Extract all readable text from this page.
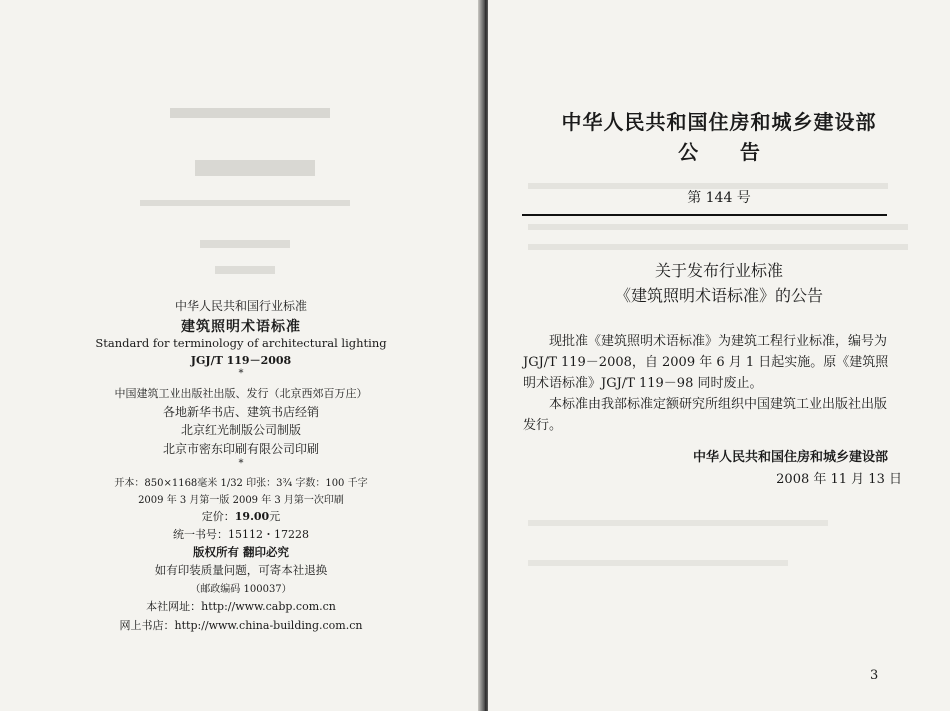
中华人民共和国行业标准
建筑照明术语标准
Standard for terminology of architectural lighting
JGJ/T 119－2008
*
中国建筑工业出版社出版、发行（北京西郊百万庄）
各地新华书店、建筑书店经销
北京红光制版公司制版
北京市密东印刷有限公司印刷
*
开本：850×1168毫米 1/32 印张：3¾ 字数：100 千字
2009 年 3 月第一版 2009 年 3 月第一次印刷
定价：19.00元
统一书号：15112・17228
版权所有 翻印必究
如有印装质量问题，可寄本社退换
（邮政编码 100037）
本社网址：http://www.cabp.com.cn
网上书店：http://www.china-building.com.cn
中华人民共和国住房和城乡建设部
公      告
第 144 号
关于发布行业标准
《建筑照明术语标准》的公告

现批准《建筑照明术语标准》为建筑工程行业标准，编号为 JGJ/T 119－2008，自 2009 年 6 月 1 日起实施。原《建筑照明术语标准》JGJ/T 119－98 同时废止。

本标准由我部标准定额研究所组织中国建筑工业出版社出版发行。

中华人民共和国住房和城乡建设部
2008 年 11 月 13 日
3
